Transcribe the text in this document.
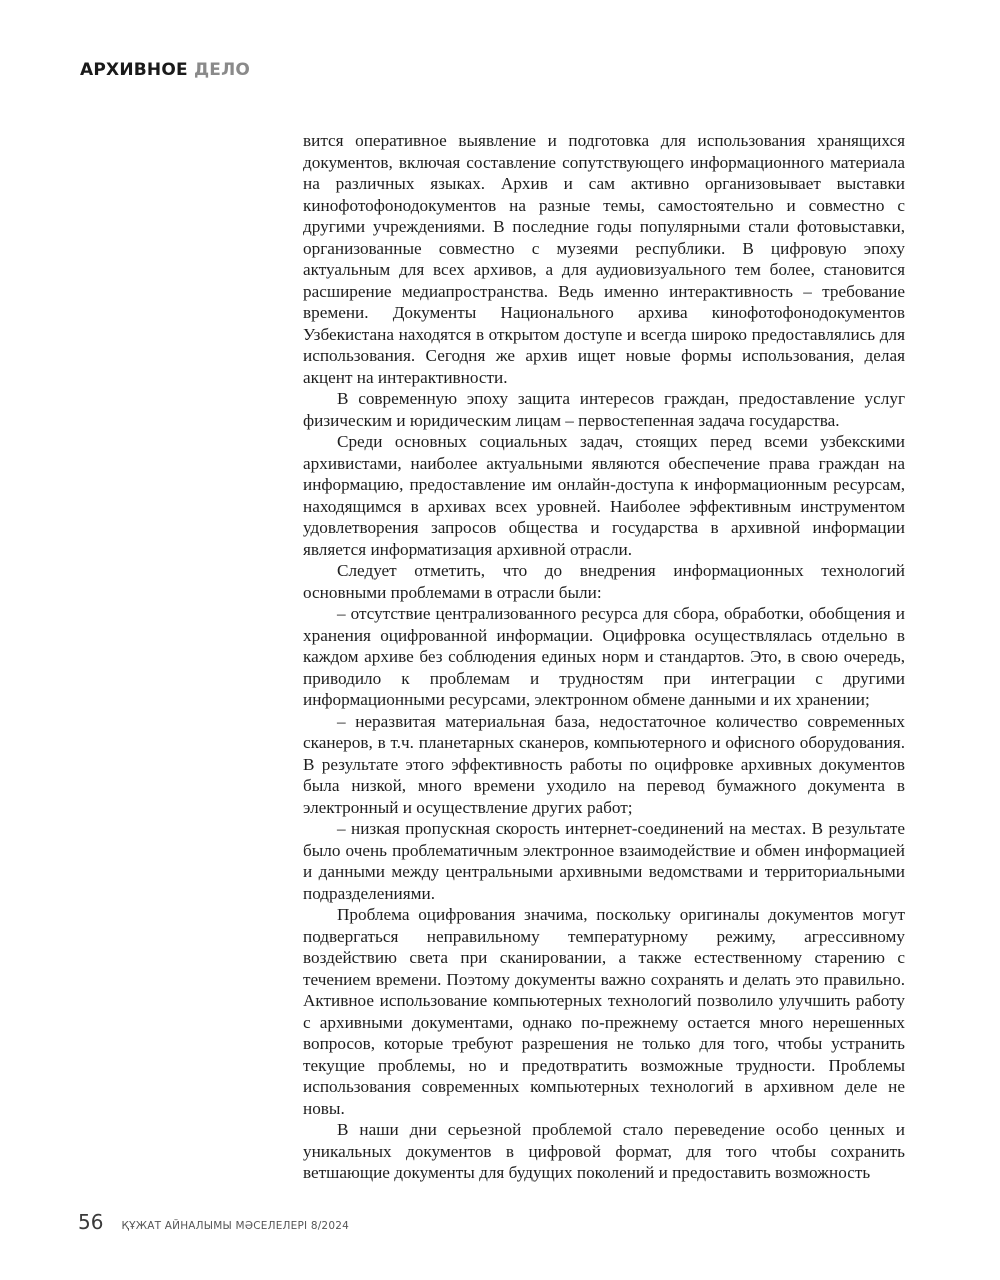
АРХИВНОЕ ДЕЛО

вится оперативное выявление и подготовка для использования хранящихся документов, включая составление сопутствующего информационного материала на различных языках. Архив и сам активно организовывает выставки кинофотофонодокументов на разные темы, самостоятельно и совместно с другими учреждениями. В последние годы популярными стали фотовыставки, организованные совместно с музеями республики. В цифровую эпоху актуальным для всех архивов, а для аудиовизуального тем более, становится расширение медиапространства. Ведь именно интерактивность – требование времени. Документы Национального архива кинофотофонодокументов Узбекистана находятся в открытом доступе и всегда широко предоставлялись для использования. Сегодня же архив ищет новые формы использования, делая акцент на интерактивности.

В современную эпоху защита интересов граждан, предоставление услуг физическим и юридическим лицам – первостепенная задача государства.

Среди основных социальных задач, стоящих перед всеми узбекскими архивистами, наиболее актуальными являются обеспечение права граждан на информацию, предоставление им онлайн-доступа к информационным ресурсам, находящимся в архивах всех уровней. Наиболее эффективным инструментом удовлетворения запросов общества и государства в архивной информации является информатизация архивной отрасли.

Следует отметить, что до внедрения информационных технологий основными проблемами в отрасли были:

– отсутствие централизованного ресурса для сбора, обработки, обобщения и хранения оцифрованной информации. Оцифровка осуществлялась отдельно в каждом архиве без соблюдения единых норм и стандартов. Это, в свою очередь, приводило к проблемам и трудностям при интеграции с другими информационными ресурсами, электронном обмене данными и их хранении;

– неразвитая материальная база, недостаточное количество современных сканеров, в т.ч. планетарных сканеров, компьютерного и офисного оборудования. В результате этого эффективность работы по оцифровке архивных документов была низкой, много времени уходило на перевод бумажного документа в электронный и осуществление других работ;

– низкая пропускная скорость интернет-соединений на местах. В результате было очень проблематичным электронное взаимодействие и обмен информацией и данными между центральными архивными ведомствами и территориальными подразделениями.

Проблема оцифрования значима, поскольку оригиналы документов могут подвергаться неправильному температурному режиму, агрессивному воздействию света при сканировании, а также естественному старению с течением времени. Поэтому документы важно сохранять и делать это правильно. Активное использование компьютерных технологий позволило улучшить работу с архивными документами, однако по-прежнему остается много нерешенных вопросов, которые требуют разрешения не только для того, чтобы устранить текущие проблемы, но и предотвратить возможные трудности. Проблемы использования современных компьютерных технологий в архивном деле не новы.

В наши дни серьезной проблемой стало переведение особо ценных и уникальных документов в цифровой формат, для того чтобы сохранить ветшающие документы для будущих поколений и предоставить возможность

56 ҚҰЖАТ АЙНАЛЫМЫ МӘСЕЛЕЛЕРІ 8/2024
